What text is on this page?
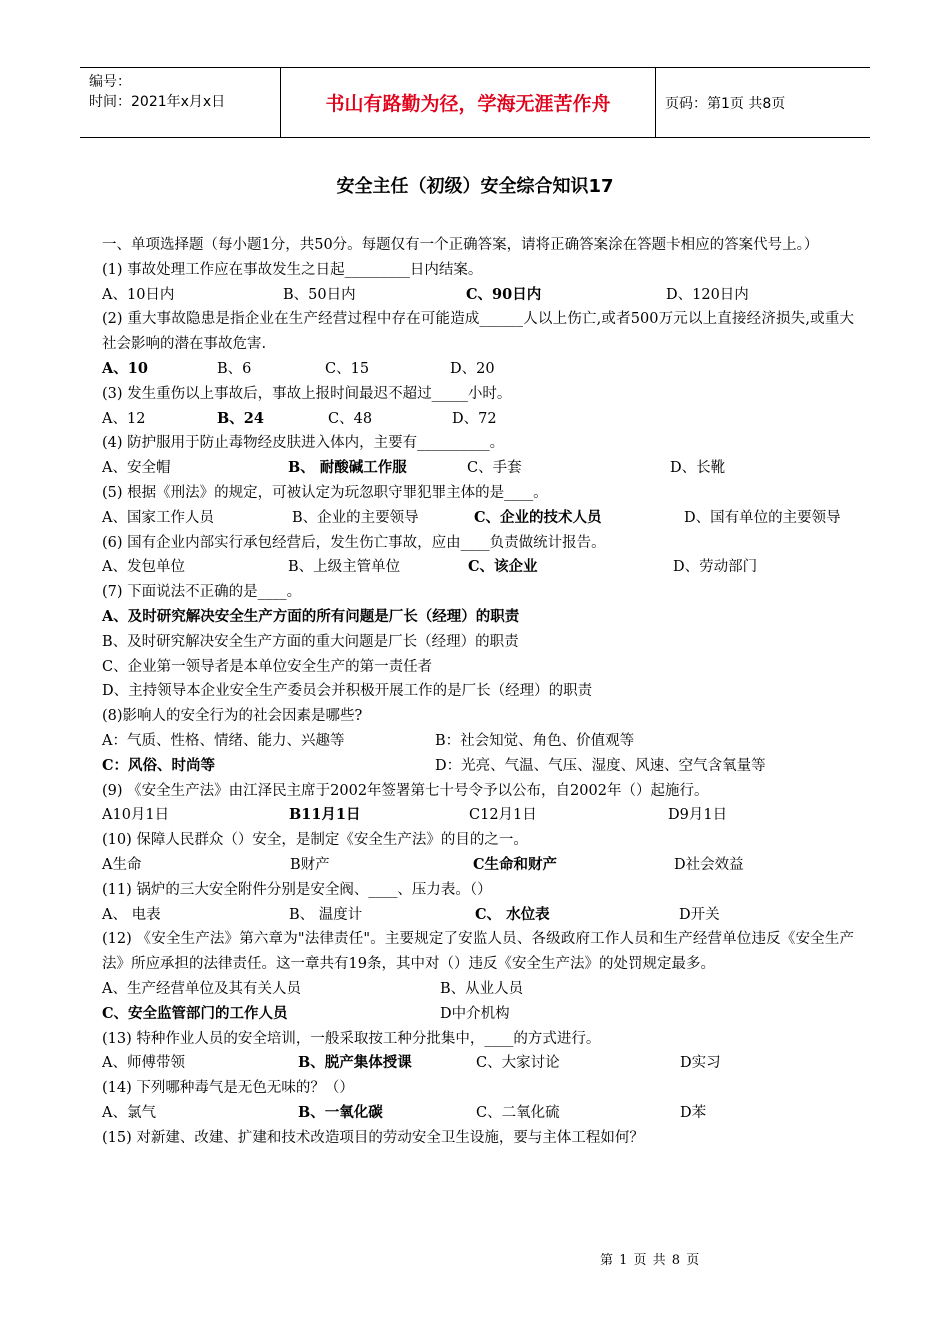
编号：
时间：2021年x月x日	书山有路勤为径，学海无涯苦作舟	页码：第1页 共8页
安全主任（初级）安全综合知识17
一、单项选择题（每小题1分，共50分。每题仅有一个正确答案，请将正确答案涂在答题卡相应的答案代号上。）
(1) 事故处理工作应在事故发生之日起_________日内结案。
A、10日内	B、50日内	C、90日内	D、120日内
(2) 重大事故隐患是指企业在生产经营过程中存在可能造成______人以上伤亡,或者500万元以上直接经济损失,或重大社会影响的潜在事故危害.
A、10	B、6	C、15	D、20
(3) 发生重伤以上事故后，事故上报时间最迟不超过_____小时。
A、12	B、24	C、48	D、72
(4) 防护服用于防止毒物经皮肤进入体内，主要有__________。
A、安全帽	B、 耐酸碱工作服	C、手套	D、长靴
(5) 根据《刑法》的规定，可被认定为玩忽职守罪犯罪主体的是____。
A、国家工作人员	B、企业的主要领导	C、企业的技术人员	D、国有单位的主要领导
(6) 国有企业内部实行承包经营后，发生伤亡事故，应由____负责做统计报告。
A、发包单位	B、上级主管单位	C、该企业	D、劳动部门
(7) 下面说法不正确的是____。
A、及时研究解决安全生产方面的所有问题是厂长（经理）的职责
B、及时研究解决安全生产方面的重大问题是厂长（经理）的职责
C、企业第一领导者是本单位安全生产的第一责任者
D、主持领导本企业安全生产委员会并积极开展工作的是厂长（经理）的职责
(8)影响人的安全行为的社会因素是哪些?
A：气质、性格、情绪、能力、兴趣等	B：社会知觉、角色、价值观等
C：风俗、时尚等	D：光亮、气温、气压、湿度、风速、空气含氧量等
(9) 《安全生产法》由江泽民主席于2002年签署第七十号令予以公布，自2002年（）起施行。
A10月1日	B11月1日	C12月1日	D9月1日
(10) 保障人民群众（）安全，是制定《安全生产法》的目的之一。
A生命	B财产	C生命和财产	D社会效益
(11) 锅炉的三大安全附件分别是安全阀、____、压力表。（）
A、 电表	B、 温度计	C、 水位表	D开关
(12) 《安全生产法》第六章为"法律责任"。主要规定了安监人员、各级政府工作人员和生产经营单位违反《安全生产法》所应承担的法律责任。这一章共有19条，其中对（）违反《安全生产法》的处罚规定最多。
A、生产经营单位及其有关人员	B、从业人员
C、安全监管部门的工作人员	D中介机构
(13) 特种作业人员的安全培训，一般采取按工种分批集中，____的方式进行。
A、师傅带领	B、脱产集体授课	C、大家讨论	D实习
(14) 下列哪种毒气是无色无味的？（）
A、氯气	B、一氧化碳	C、二氧化硫	D苯
(15) 对新建、改建、扩建和技术改造项目的劳动安全卫生设施，要与主体工程如何？
第 1 页 共 8 页
